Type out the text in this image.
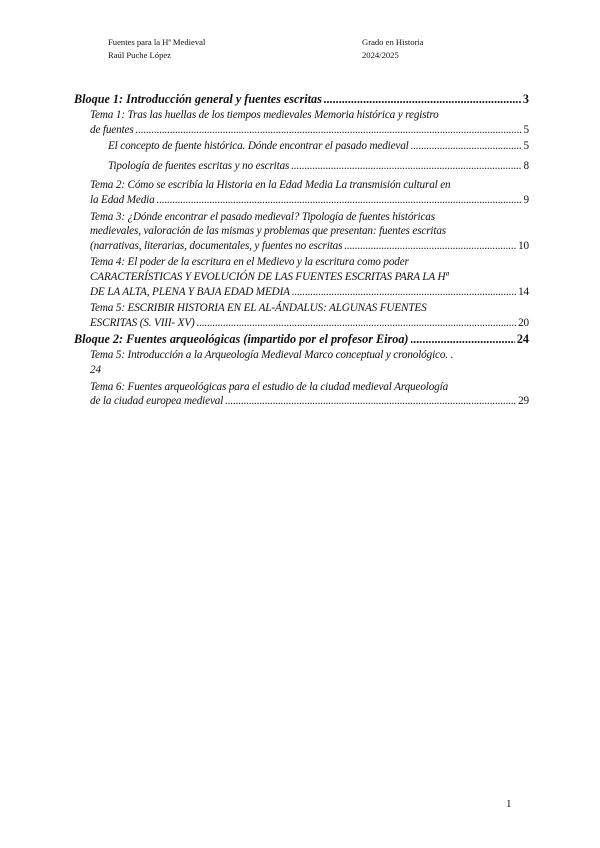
Fuentes para la Hª Medieval	Grado en Historia
Raúl Puche López	2024/2025
Bloque 1: Introducción general y fuentes escritas .....	3
Tema 1: Tras las huellas de los tiempos medievales Memoria histórica y registro
de fuentes .....	5
El concepto de fuente histórica. Dónde encontrar el pasado medieval .....	5
Tipología de fuentes escritas y no escritas .....	8
Tema 2: Cómo se escribía la Historia en la Edad Media La transmisión cultural en
la Edad Media .....	9
Tema 3: ¿Dónde encontrar el pasado medieval? Tipología de fuentes históricas
medievales, valoración de las mismas y problemas que presentan: fuentes escritas
(narrativas, literarias, documentales, y fuentes no escritas .....	10
Tema 4: El poder de la escritura en el Medievo y la escritura como poder
CARACTERÍSTICAS Y EVOLUCIÓN DE LAS FUENTES ESCRITAS PARA LA Hª
DE LA ALTA, PLENA Y BAJA EDAD MEDIA .....	14
Tema 5: ESCRIBIR HISTORIA EN EL AL-ÁNDALUS: ALGUNAS FUENTES
ESCRITAS (S. VIII- XV) .....	20
Bloque 2: Fuentes arqueológicas (impartido por el profesor Eiroa) .....	24
Tema 5: Introducción a la Arqueología Medieval Marco conceptual y cronológico . .
24
Tema 6: Fuentes arqueológicas para el estudio de la ciudad medieval Arqueología
de la ciudad europea medieval .....	29
1
